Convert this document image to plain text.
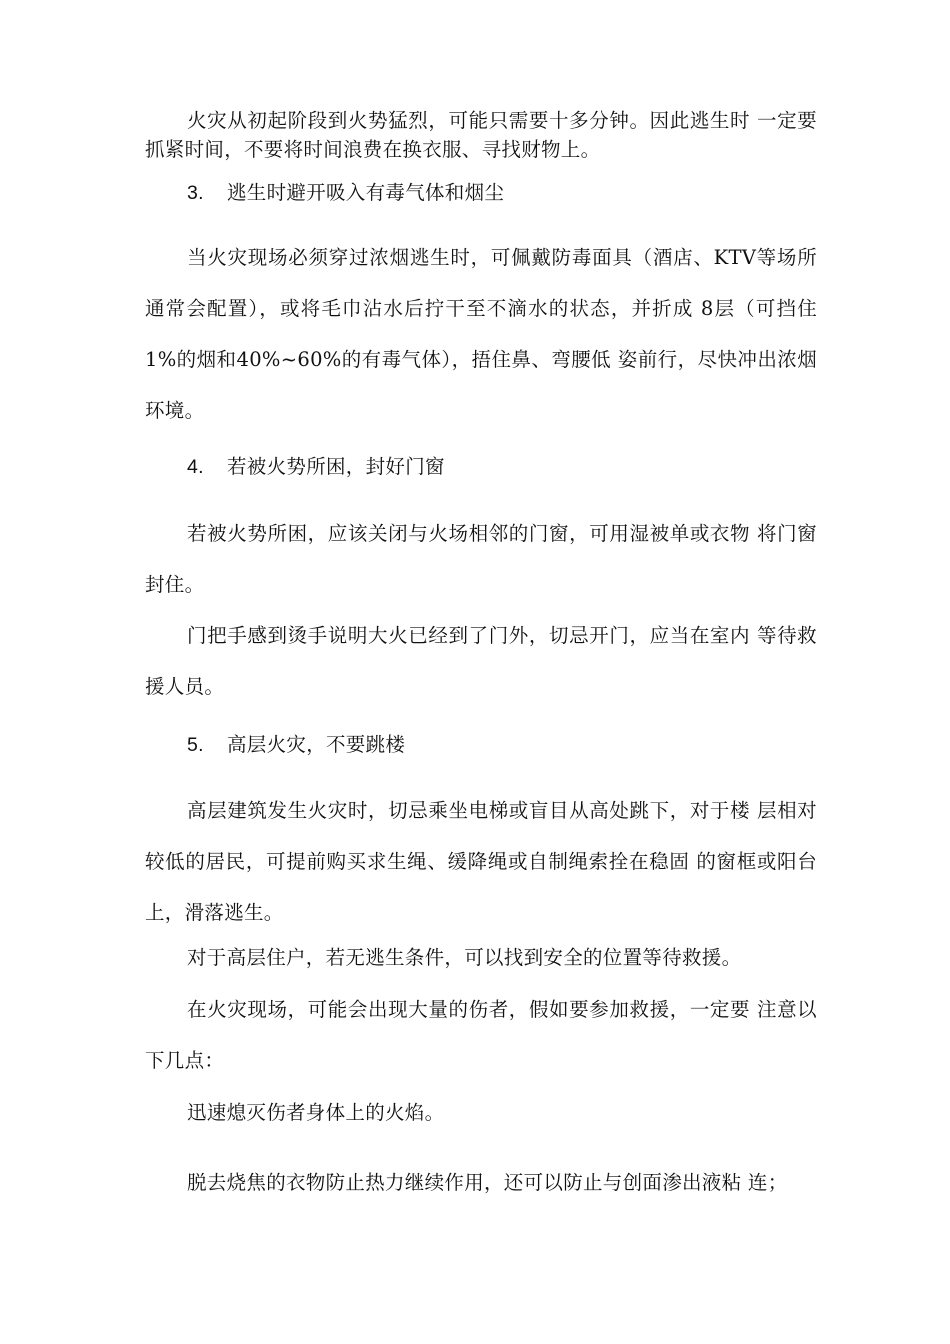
火灾从初起阶段到火势猛烈，可能只需要十多分钟。因此逃生时 一定要抓紧时间，不要将时间浪费在换衣服、寻找财物上。

3. 逃生时避开吸入有毒气体和烟尘

当火灾现场必须穿过浓烟逃生时，可佩戴防毒面具（酒店、KTV等场所通常会配置），或将毛巾沾水后拧干至不滴水的状态，并折成 8层（可挡住1%的烟和40%~60%的有毒气体），捂住鼻、弯腰低 姿前行，尽快冲出浓烟环境。

4. 若被火势所困，封好门窗

若被火势所困，应该关闭与火场相邻的门窗，可用湿被单或衣物 将门窗封住。

门把手感到烫手说明大火已经到了门外，切忌开门，应当在室内 等待救援人员。

5. 高层火灾，不要跳楼

高层建筑发生火灾时，切忌乘坐电梯或盲目从高处跳下，对于楼 层相对较低的居民，可提前购买求生绳、缓降绳或自制绳索拴在稳固 的窗框或阳台上，滑落逃生。

对于高层住户，若无逃生条件，可以找到安全的位置等待救援。

在火灾现场，可能会出现大量的伤者，假如要参加救援，一定要 注意以下几点：

迅速熄灭伤者身体上的火焰。

脱去烧焦的衣物防止热力继续作用，还可以防止与创面渗出液粘 连；
